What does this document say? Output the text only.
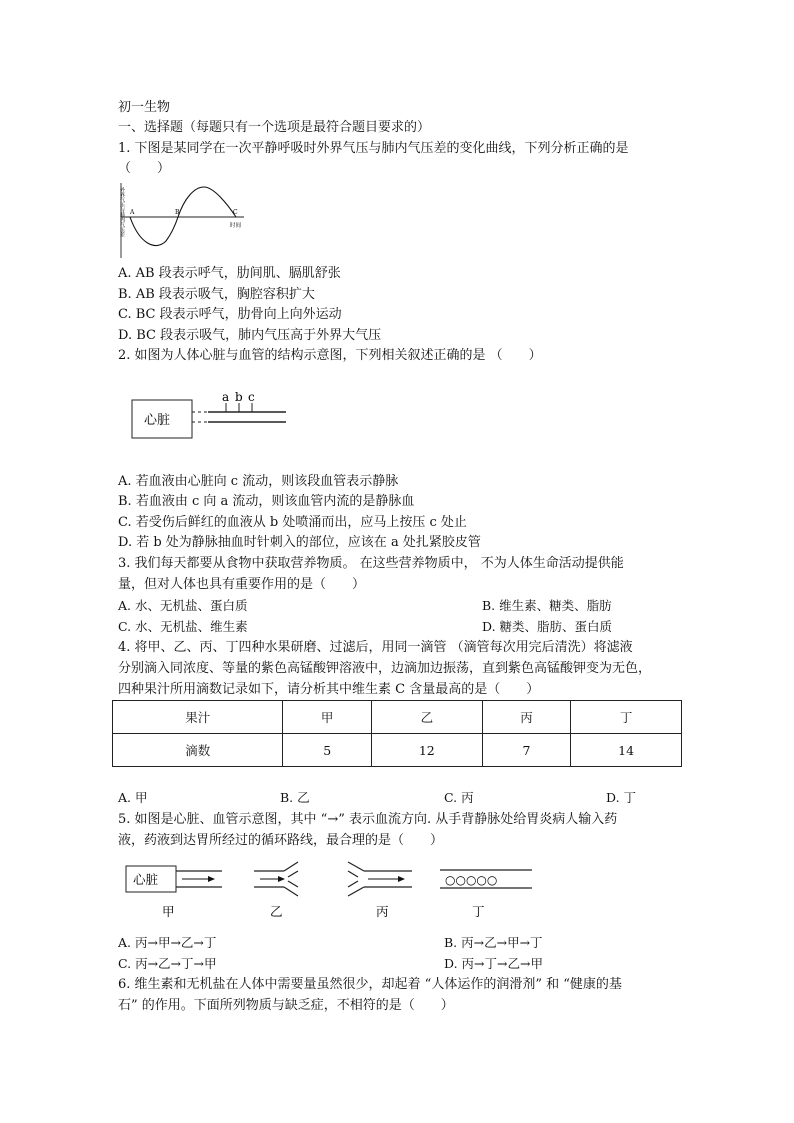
初一生物
一、选择题（每题只有一个选项是最符合题目要求的）
1. 下图是某同学在一次平静呼吸时外界气压与肺内气压差的变化曲线，下列分析正确的是
（　　）
A	B	C
时间
外界气压与肺内气压差
A. AB 段表示呼气，肋间肌、膈肌舒张
B. AB 段表示吸气，胸腔容积扩大
C. BC 段表示呼气，肋骨向上向外运动
D. BC 段表示吸气，肺内气压高于外界大气压
2. 如图为人体心脏与血管的结构示意图，下列相关叙述正确的是 （　　）
心脏
a b c
A. 若血液由心脏向 c 流动，则该段血管表示静脉
B. 若血液由 c 向 a 流动，则该血管内流的是静脉血
C. 若受伤后鲜红的血液从 b 处喷涌而出，应马上按压 c 处止
D. 若 b 处为静脉抽血时针刺入的部位，应该在 a 处扎紧胶皮管
3. 我们每天都要从食物中获取营养物质。 在这些营养物质中， 不为人体生命活动提供能
量，但对人体也具有重要作用的是（　　）
A. 水、无机盐、蛋白质	B. 维生素、糖类、脂肪
C. 水、无机盐、维生素	D. 糖类、脂肪、蛋白质
4. 将甲、乙、丙、丁四种水果研磨、过滤后，用同一滴管 （滴管每次用完后清洗）将滤液
分别滴入同浓度、等量的紫色高锰酸钾溶液中，边滴加边振荡，直到紫色高锰酸钾变为无色，
四种果汁所用滴数记录如下，请分析其中维生素 C 含量最高的是（　　）
果汁	甲	乙	丙	丁
滴数	5	12	7	14
A. 甲	B. 乙	C. 丙	D. 丁
5. 如图是心脏、血管示意图，其中 “→” 表示血流方向. 从手背静脉处给胃炎病人输入药
液，药液到达胃所经过的循环路线，最合理的是（　　）
心脏	○○○○○
甲	乙	丙	丁
A. 丙→甲→乙→丁	B. 丙→乙→甲→丁
C. 丙→乙→丁→甲	D. 丙→丁→乙→甲
6. 维生素和无机盐在人体中需要量虽然很少，却起着 “人体运作的润滑剂” 和 “健康的基
石” 的作用。下面所列物质与缺乏症，不相符的是（　　）
